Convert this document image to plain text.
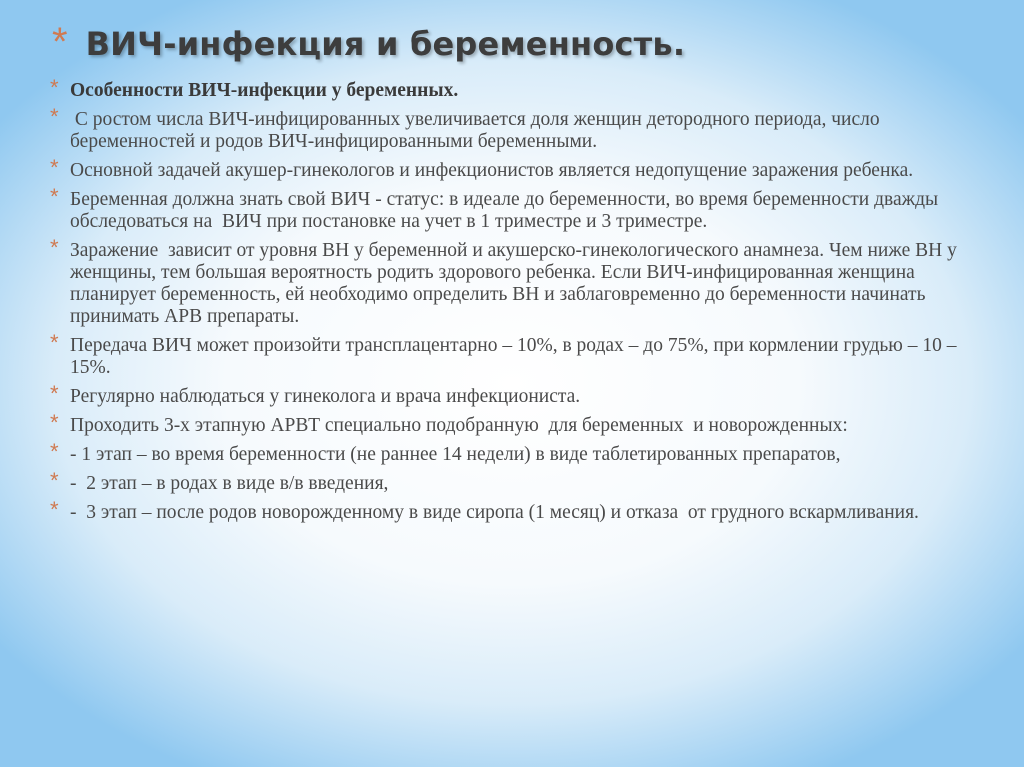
* ВИЧ-инфекция и беременность.
* Особенности ВИЧ-инфекции у беременных.
* С ростом числа ВИЧ-инфицированных увеличивается доля женщин детородного периода, число беременностей и родов ВИЧ-инфицированными беременными.
* Основной задачей акушер-гинекологов и инфекционистов является недопущение заражения ребенка.
* Беременная должна знать свой ВИЧ - статус: в идеале до беременности, во время беременности дважды обследоваться на  ВИЧ при постановке на учет в 1 триместре и 3 триместре.
* Заражение  зависит от уровня ВН у беременной и акушерско-гинекологического анамнеза. Чем ниже ВН у женщины, тем большая вероятность родить здорового ребенка. Если ВИЧ-инфицированная женщина планирует беременность, ей необходимо определить ВН и заблаговременно до беременности начинать принимать АРВ препараты.
* Передача ВИЧ может произойти трансплацентарно – 10%, в родах – до 75%, при кормлении грудью – 10 – 15%.
* Регулярно наблюдаться у гинеколога и врача инфекциониста.
* Проходить 3-х этапную АРВТ специально подобранную  для беременных  и новорожденных:
* - 1 этап – во время беременности (не раннее 14 недели) в виде таблетированных препаратов,
* -  2 этап – в родах в виде в/в введения,
* -  3 этап – после родов новорожденному в виде сиропа (1 месяц) и отказа  от грудного вскармливания.
